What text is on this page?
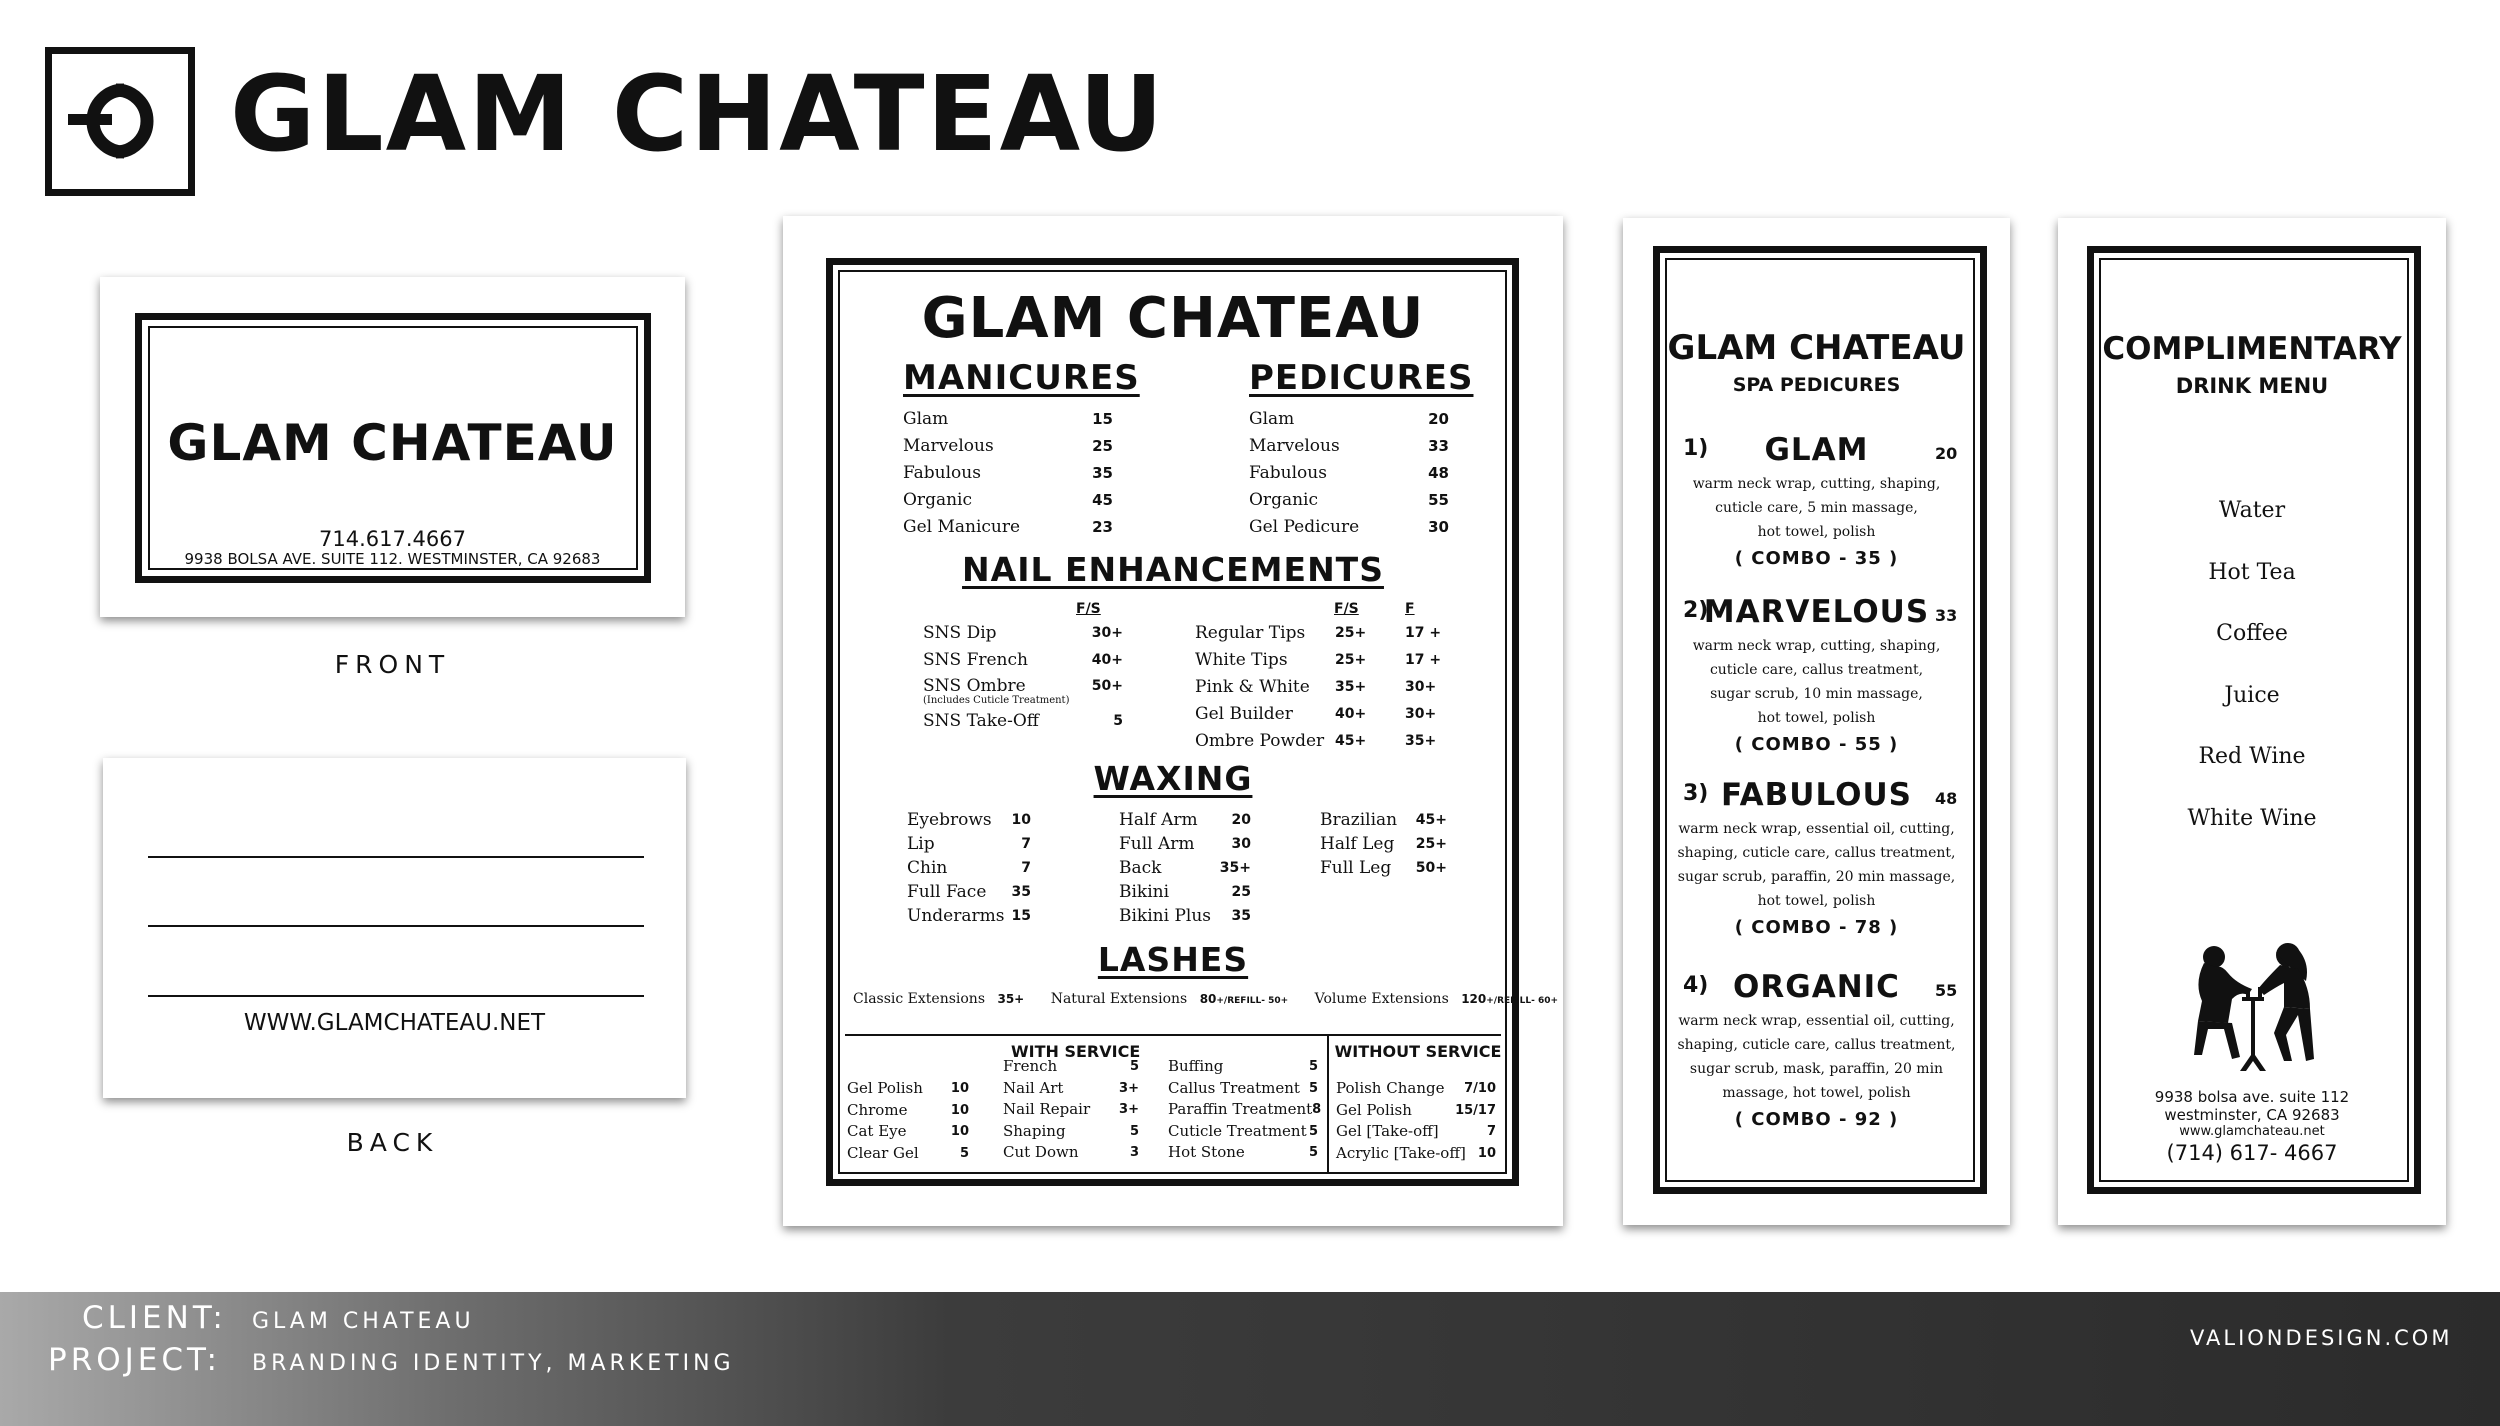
GLAM CHATEAU
GLAM CHATEAU
714.617.4667
9938 BOLSA AVE. SUITE 112. WESTMINSTER, CA 92683
FRONT
WWW.GLAMCHATEAU.NET
BACK
GLAM CHATEAU
MANICURES
Glam	15
Marvelous	25
Fabulous	35
Organic	45
Gel Manicure	23
PEDICURES
Glam	20
Marvelous	33
Fabulous	48
Organic	55
Gel Pedicure	30
NAIL ENHANCEMENTS
F/S	F/S	F
SNS Dip	30+
SNS French	40+
SNS Ombre	50+
(Includes Cuticle Treatment)
SNS Take-Off	5
Regular Tips 25+	17 +
White Tips	25+	17 +
Pink & White 35+	30+
Gel Builder	40+	30+
Ombre Powder 45+	35+
WAXING
Eyebrows 10
Lip	7
Chin	7
Full Face 35
Underarms 15
Half Arm 20
Full Arm	30
Back	35+
Bikini	25
Bikini Plus 35
Brazilian 45+
Half Leg 25+
Full Leg 50+
LASHES
Classic Extensions 35+ Natural Extensions 80+/REFILL- 50+ Volume Extensions 120+/REFILL- 60+
WITH SERVICE
Gel Polish 10
Chrome	10
Cat Eye	10
Clear Gel	5
French	5
Nail Art	3+
Nail Repair 3+
Shaping	5
Cut Down	3
Buffing	5
Callus Treatment 5
Paraffin Treatment 8
Cuticle Treatment 5
Hot Stone	5
WITHOUT SERVICE
Polish Change 7/10
Gel Polish	15/17
Gel [Take-off]	7
Acrylic [Take-off] 10
GLAM CHATEAU
SPA PEDICURES
1)	GLAM	20
warm neck wrap, cutting, shaping,
cuticle care, 5 min massage,
hot towel, polish
( COMBO - 35 )
2)
MARVELOUS 33
warm neck wrap, cutting, shaping,
cuticle care, callus treatment,
sugar scrub, 10 min massage,
hot towel, polish
( COMBO - 55 )
3) FABULOUS	48
warm neck wrap, essential oil, cutting,
shaping, cuticle care, callus treatment,
sugar scrub, paraffin, 20 min massage,
hot towel, polish
( COMBO - 78 )
4) ORGANIC	55
warm neck wrap, essential oil, cutting,
shaping, cuticle care, callus treatment,
sugar scrub, mask, paraffin, 20 min
massage, hot towel, polish
( COMBO - 92 )
COMPLIMENTARY
DRINK MENU
Water
Hot Tea
Coffee
Juice
Red Wine
White Wine
9938 bolsa ave. suite 112
westminster, CA 92683
www.glamchateau.net
(714) 617- 4667
CLIENT: GLAM CHATEAU
PROJECT: BRANDING IDENTITY, MARKETING
VALIONDESIGN.COM
